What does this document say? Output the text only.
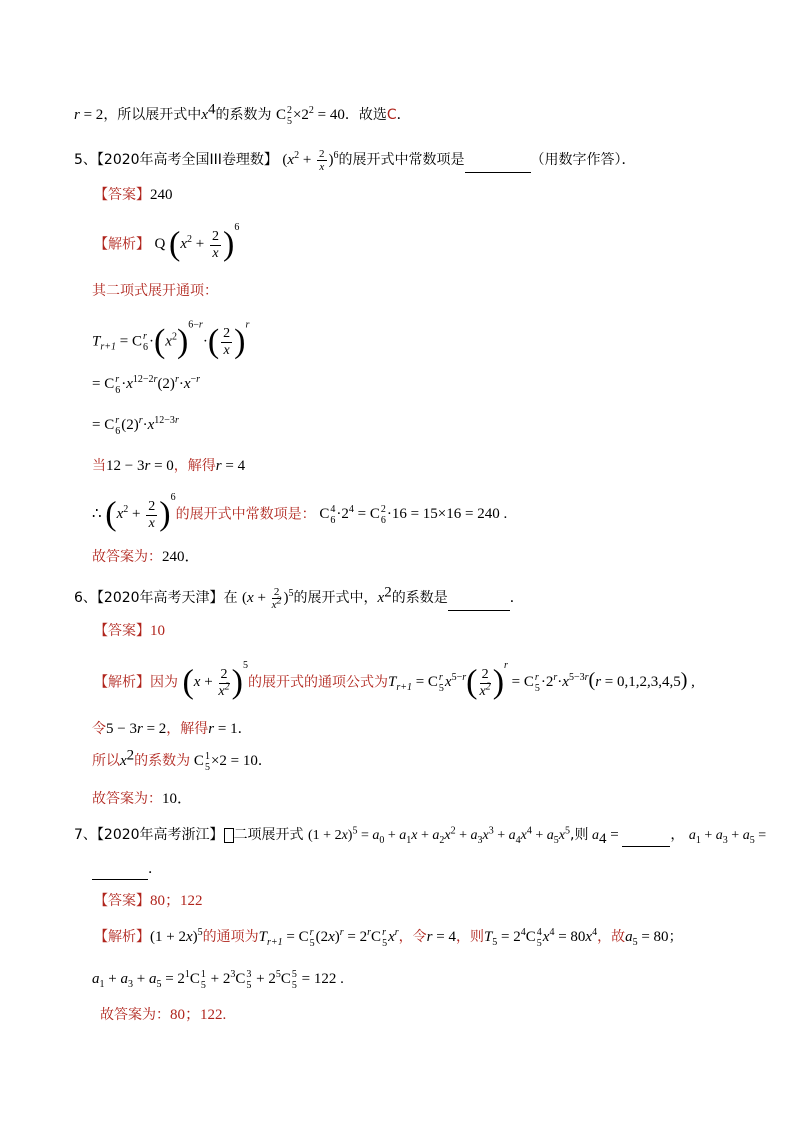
r = 2，所以展开式中$x^4$的系数为 C 2
$5 \times 2^2 = 40$．故选C．
5、【2020年高考全国III卷理数】 $(x^2 + \frac{2}{x} )^6$的展开式中常数项是	（用数字作答）．
【答案】240
【解析】 Q $(x^2 + \frac{2}{x} )^6$
其二项式展开通项：
$T_{r+1} = C$ r
$6 \cdot(x^2)^{6-r}\cdot( \frac{2}{x} )^r$
= C r
$6 \cdot x^{12-2r}(2)^r\cdot x^{-r}$
= C r
6 $(2)^r\cdot x^{12-3r}$
当12 − 3r = 0，解得r = 4
∴ $(x^2 + \frac{2}{x} )^6$的展开式中常数项是： C 4
$6 \cdot 2^4 = C$ 2
6 ·16 = 15×16 = 240 .
故答案为：240．
6、【2020年高考天津】在 $(x + \frac{2}{x^2} )^5$的展开式中，$x^2$的系数是	．
【答案】10
【解析】因为 $(x + \frac{2}{x^2} )^5$的展开式的通项公式为$T_{r+1} = C$ r
5 $x^{5-r}( \frac{2}{x^2} )^r = C$ r
$5 \cdot 2^r\cdot x^{5-3r}(r = 0,1,2,3,4,5)$ ,
令5 − 3r = 2，解得r = 1．
所以$x^2$的系数为 C 1
5 ×2 = 10．
故答案为：10．
7、【2020年高考浙江】 二项展开式 $(1 + 2x)^5 = a_0 + a_1x + a_2x^2 + a_3x^3 + a_4x^4 + a_5x^5$,则 $a_4$ =	， $a_1 + a_3 + a_5$ =
．
【答案】80；122
【解析】$(1 + 2x)^5$的通项为$T_{r+1} = C$ r
5 $(2x)^r = 2^rC$ r
5 $x^r$，令r = 4，则$T_5 = 2^4C$ 4
5 $x^4 = 80x^4$，故$a_5 = 80$；
$a_1 + a_3 + a_5 = 2^1C$ 1
$5 + 2^3C$ 3
$5 + 2^5C$ 5
5 = 122 .
故答案为：80；122.
